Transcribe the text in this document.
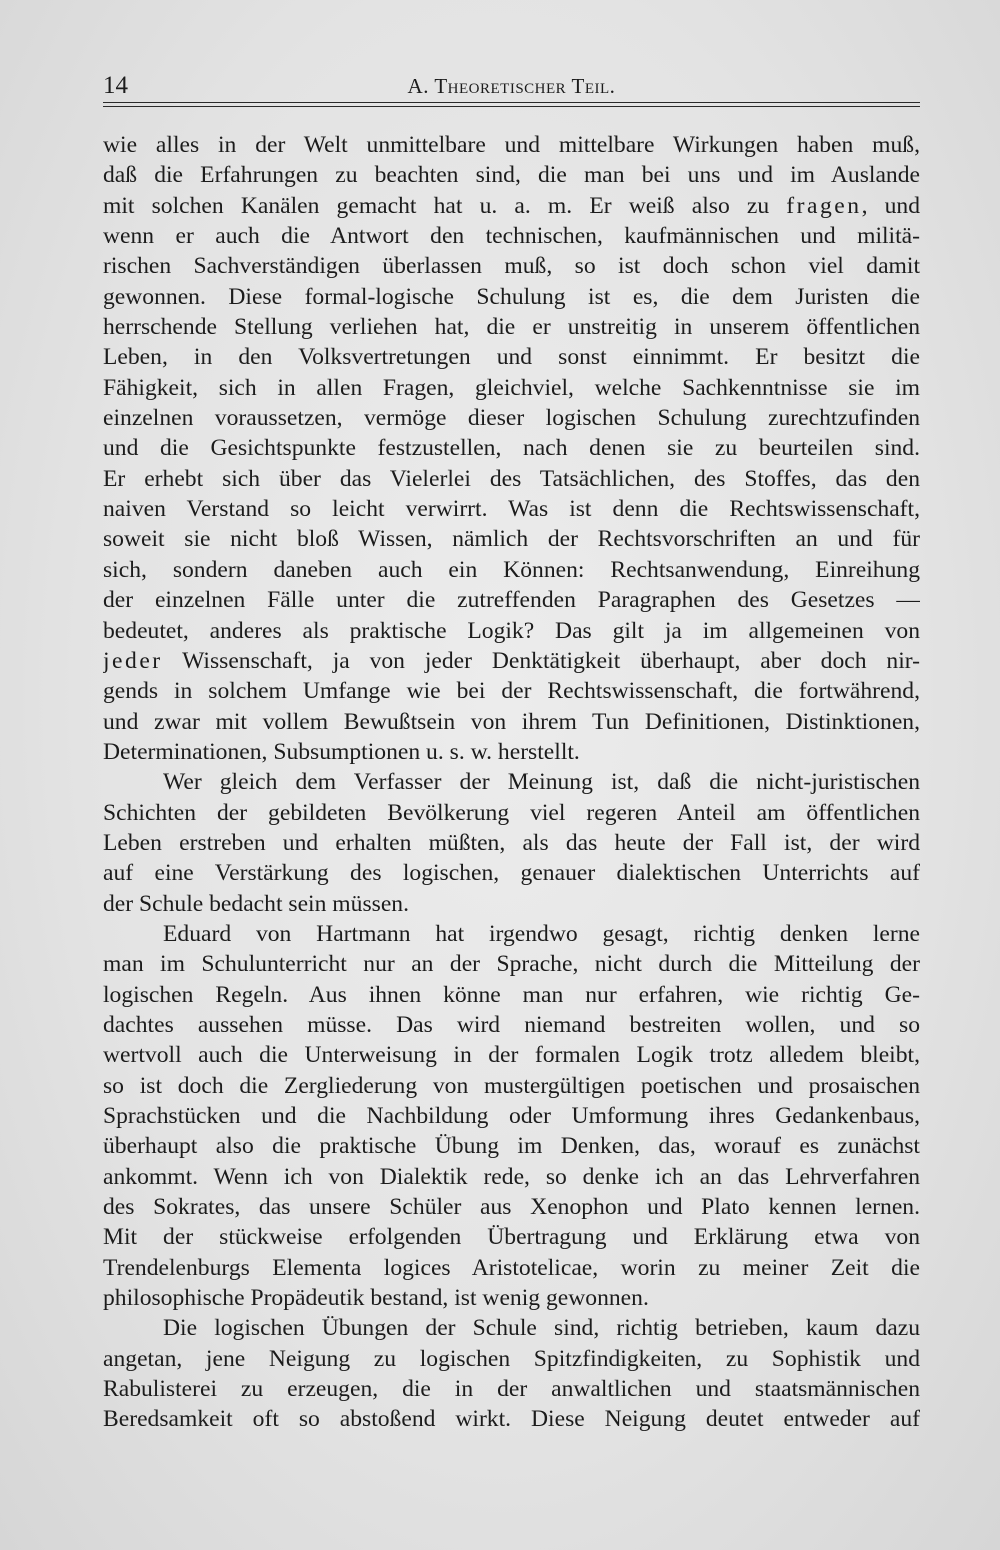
14	A. Theoretischer Teil.
wie alles in der Welt unmittelbare und mittelbare Wirkungen haben muß,
daß die Erfahrungen zu beachten sind, die man bei uns und im Auslande
mit solchen Kanälen gemacht hat u. a. m. Er weiß also zu fragen, und
wenn er auch die Antwort den technischen, kaufmännischen und militä-
rischen Sachverständigen überlassen muß, so ist doch schon viel damit
gewonnen. Diese formal-logische Schulung ist es, die dem Juristen die
herrschende Stellung verliehen hat, die er unstreitig in unserem öffentlichen
Leben, in den Volksvertretungen und sonst einnimmt. Er besitzt die
Fähigkeit, sich in allen Fragen, gleichviel, welche Sachkenntnisse sie im
einzelnen voraussetzen, vermöge dieser logischen Schulung zurechtzufinden
und die Gesichtspunkte festzustellen, nach denen sie zu beurteilen sind.
Er erhebt sich über das Vielerlei des Tatsächlichen, des Stoffes, das den
naiven Verstand so leicht verwirrt. Was ist denn die Rechtswissenschaft,
soweit sie nicht bloß Wissen, nämlich der Rechtsvorschriften an und für
sich, sondern daneben auch ein Können: Rechtsanwendung, Einreihung
der einzelnen Fälle unter die zutreffenden Paragraphen des Gesetzes —
bedeutet, anderes als praktische Logik? Das gilt ja im allgemeinen von
jeder Wissenschaft, ja von jeder Denktätigkeit überhaupt, aber doch nir-
gends in solchem Umfange wie bei der Rechtswissenschaft, die fortwährend,
und zwar mit vollem Bewußtsein von ihrem Tun Definitionen, Distinktionen,
Determinationen, Subsumptionen u. s. w. herstellt.
Wer gleich dem Verfasser der Meinung ist, daß die nicht-juristischen
Schichten der gebildeten Bevölkerung viel regeren Anteil am öffentlichen
Leben erstreben und erhalten müßten, als das heute der Fall ist, der wird
auf eine Verstärkung des logischen, genauer dialektischen Unterrichts auf
der Schule bedacht sein müssen.
Eduard von Hartmann hat irgendwo gesagt, richtig denken lerne
man im Schulunterricht nur an der Sprache, nicht durch die Mitteilung der
logischen Regeln. Aus ihnen könne man nur erfahren, wie richtig Ge-
dachtes aussehen müsse. Das wird niemand bestreiten wollen, und so
wertvoll auch die Unterweisung in der formalen Logik trotz alledem bleibt,
so ist doch die Zergliederung von mustergültigen poetischen und prosaischen
Sprachstücken und die Nachbildung oder Umformung ihres Gedankenbaus,
überhaupt also die praktische Übung im Denken, das, worauf es zunächst
ankommt. Wenn ich von Dialektik rede, so denke ich an das Lehrverfahren
des Sokrates, das unsere Schüler aus Xenophon und Plato kennen lernen.
Mit der stückweise erfolgenden Übertragung und Erklärung etwa von
Trendelenburgs Elementa logices Aristotelicae, worin zu meiner Zeit die
philosophische Propädeutik bestand, ist wenig gewonnen.
Die logischen Übungen der Schule sind, richtig betrieben, kaum dazu
angetan, jene Neigung zu logischen Spitzfindigkeiten, zu Sophistik und
Rabulisterei zu erzeugen, die in der anwaltlichen und staatsmännischen
Beredsamkeit oft so abstoßend wirkt. Diese Neigung deutet entweder auf
